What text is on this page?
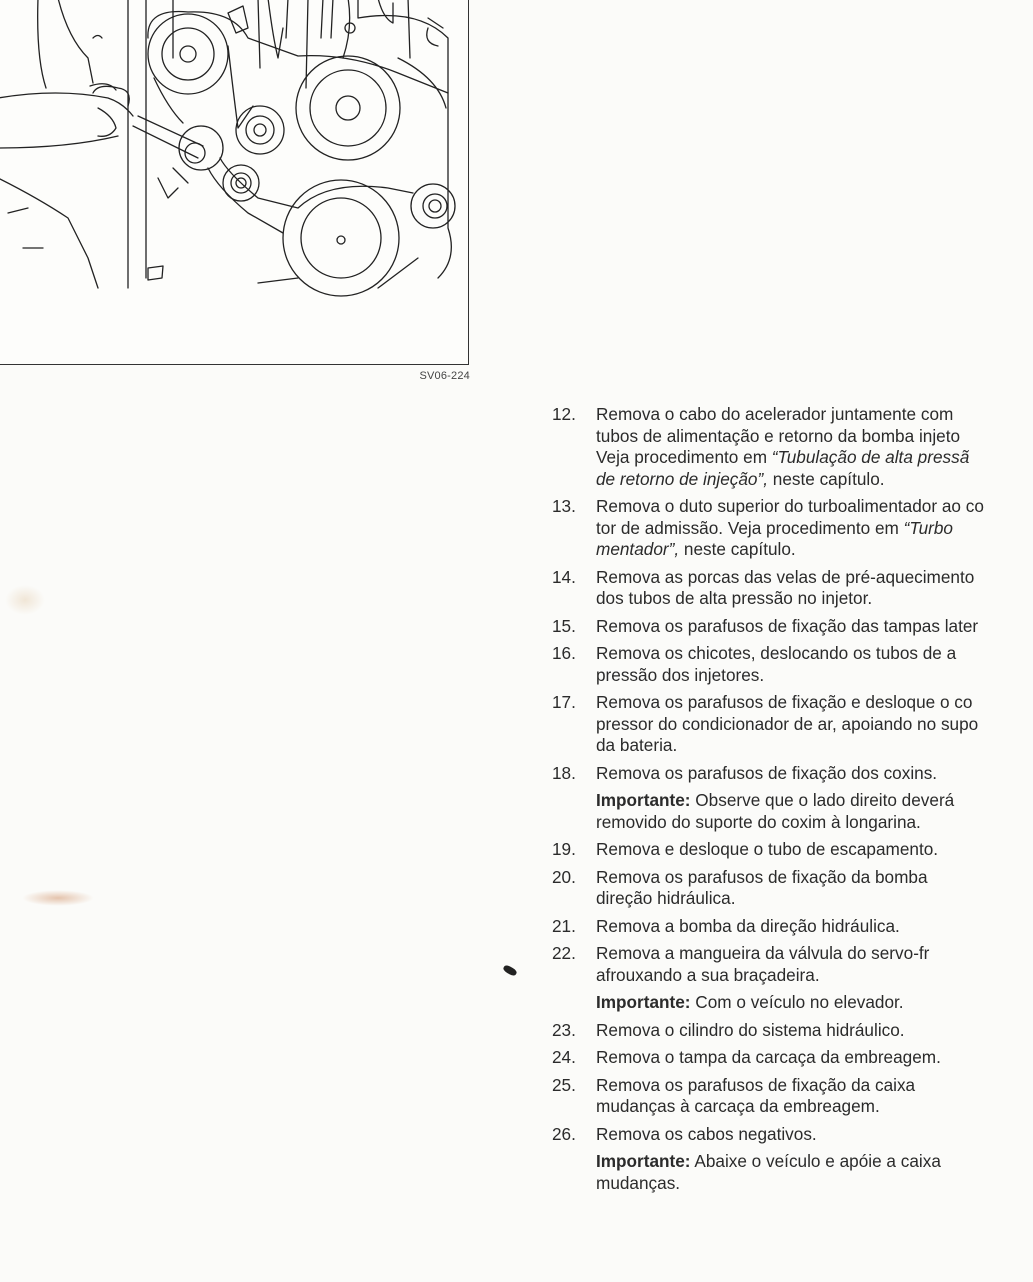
SV06-224
12. Remova o cabo do acelerador juntamente com
tubos de alimentação e retorno da bomba injeto
Veja procedimento em “Tubulação de alta pressã
de retorno de injeção”, neste capítulo.
13. Remova o duto superior do turboalimentador ao co
tor de admissão. Veja procedimento em “Turbo
mentador”, neste capítulo.
14. Remova as porcas das velas de pré-aquecimento
dos tubos de alta pressão no injetor.
15. Remova os parafusos de fixação das tampas later
16. Remova os chicotes, deslocando os tubos de a
pressão dos injetores.
17. Remova os parafusos de fixação e desloque o co
pressor do condicionador de ar, apoiando no supo
da bateria.
18. Remova os parafusos de fixação dos coxins.
Importante: Observe que o lado direito deverá
removido do suporte do coxim à longarina.
19. Remova e desloque o tubo de escapamento.
20. Remova os parafusos de fixação da bomba
direção hidráulica.
21. Remova a bomba da direção hidráulica.
22. Remova a mangueira da válvula do servo-fr
afrouxando a sua braçadeira.
Importante: Com o veículo no elevador.
23. Remova o cilindro do sistema hidráulico.
24. Remova o tampa da carcaça da embreagem.
25. Remova os parafusos de fixação da caixa
mudanças à carcaça da embreagem.
26. Remova os cabos negativos.
Importante: Abaixe o veículo e apóie a caixa
mudanças.
